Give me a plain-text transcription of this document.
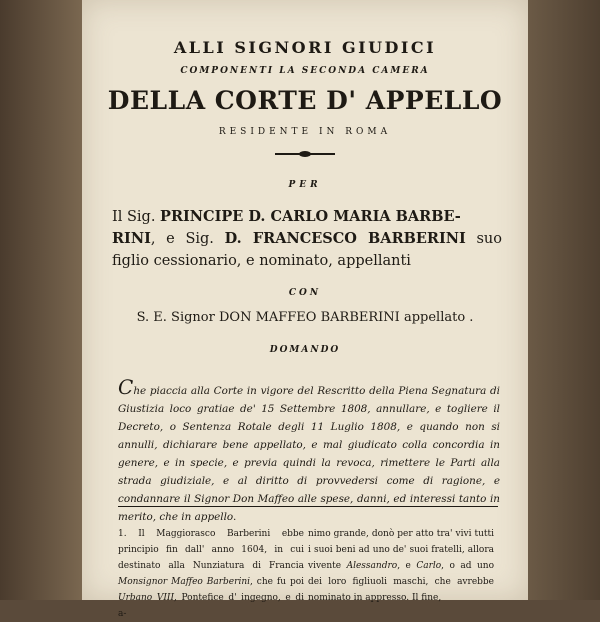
ALLI SIGNORI GIUDICI
COMPONENTI LA SECONDA CAMERA
DELLA CORTE D' APPELLO
RESIDENTE IN ROMA
PER
Il Sig. PRINCIPE D. CARLO MARIA BARBE-
RINI, e Sig. D. FRANCESCO BARBERINI suo figlio cessionario, e nominato, appellanti
CON
S. E. Signor DON MAFFEO BARBERINI appellato .
DOMANDO
Che piaccia alla Corte in vigore del Rescritto della Piena Segnatura di Giustizia loco gratiae de' 15 Settembre 1808, annullare, e togliere il Decreto, o Sentenza Rotale degli 11 Luglio 1808, e quando non si annulli, dichiarare bene appellato, e mal giudicato colla concordia in genere, e in specie, e previa quindi la revoca, rimettere le Parti alla strada giudiziale, e al diritto di provvedersi come di ragione, e condannare il Signor Don Maffeo alle spese, danni, ed interessi tanto in merito, che in appello.
1. Il Maggiorasco Barberini ebbe principio fin dall' anno 1604, in cui destinato alla Nunziatura di Francia Monsignor Maffeo Barberini, che fu poi Urbano VIII, Pontefice d' ingegno, e di a-
nimo grande, donò per atto tra' vivi tutti i suoi beni ad uno de' suoi fratelli, allora vivente Alessandro, e Carlo, o ad uno dei loro figliuoli maschi, che avrebbe nominato in appresso. Il fine,
